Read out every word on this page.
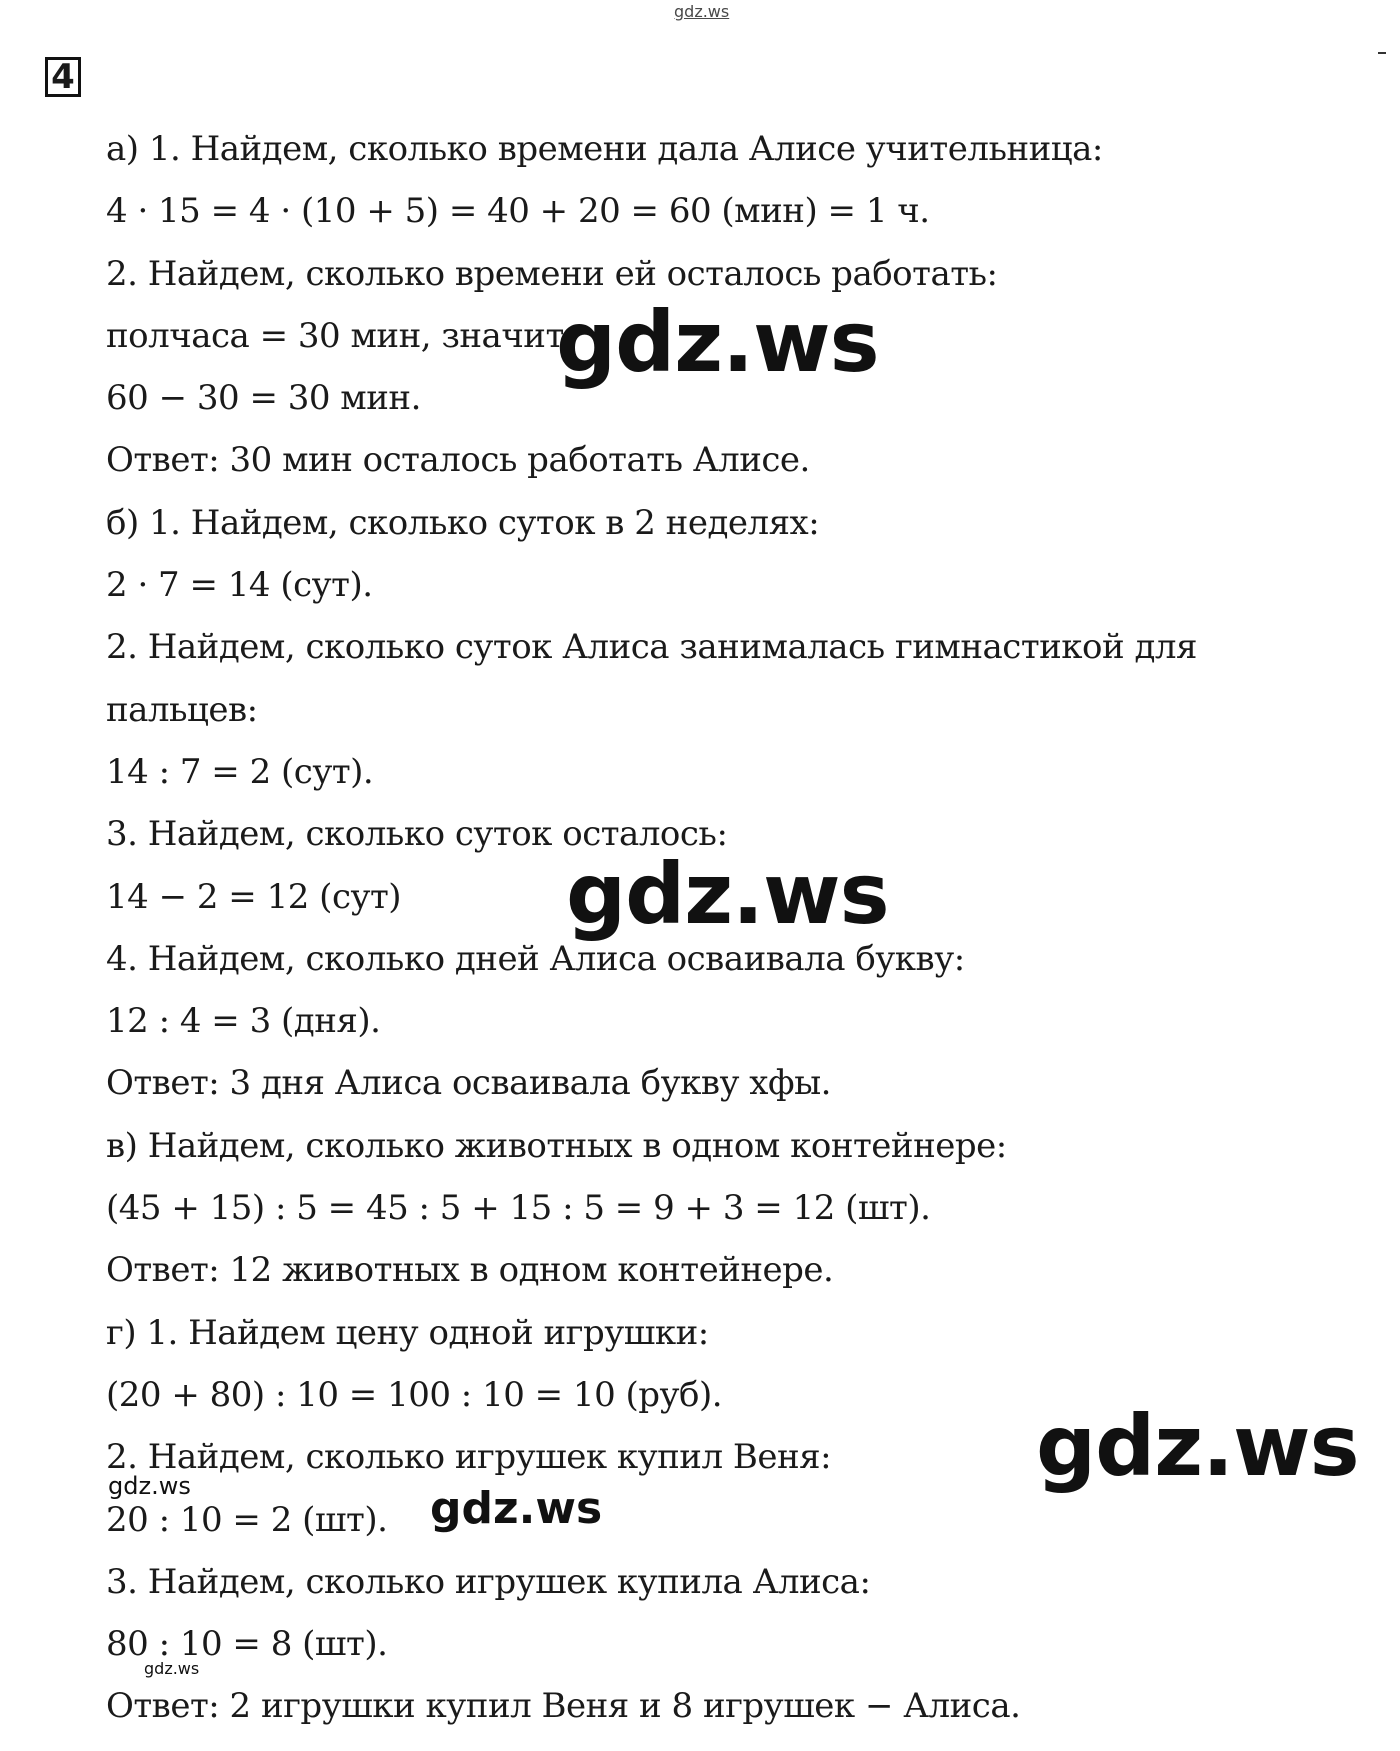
gdz.ws
4
а) 1. Найдем, сколько времени дала Алисе учительница:
4 · 15 = 4 · (10 + 5) = 40 + 20 = 60 (мин) = 1 ч.
2. Найдем, сколько времени ей осталось работать:
полчаса = 30 мин, значит
60 − 30 = 30 мин.
Ответ: 30 мин осталось работать Алисе.
б) 1. Найдем, сколько суток в 2 неделях:
2 · 7 = 14 (сут).
2. Найдем, сколько суток Алиса занималась гимнастикой для
пальцев:
14 : 7 = 2 (сут).
3. Найдем, сколько суток осталось:
14 − 2 = 12 (сут)
4. Найдем, сколько дней Алиса осваивала букву:
12 : 4 = 3 (дня).
Ответ: 3 дня Алиса осваивала букву хфы.
в) Найдем, сколько животных в одном контейнере:
(45 + 15) : 5 = 45 : 5 + 15 : 5 = 9 + 3 = 12 (шт).
Ответ: 12 животных в одном контейнере.
г) 1. Найдем цену одной игрушки:
(20 + 80) : 10 = 100 : 10 = 10 (руб).
2. Найдем, сколько игрушек купил Веня:
20 : 10 = 2 (шт).
3. Найдем, сколько игрушек купила Алиса:
80 : 10 = 8 (шт).
Ответ: 2 игрушки купил Веня и 8 игрушек − Алиса.
gdz.ws
gdz.ws
gdz.ws
gdz.ws
gdz.ws
gdz.ws
